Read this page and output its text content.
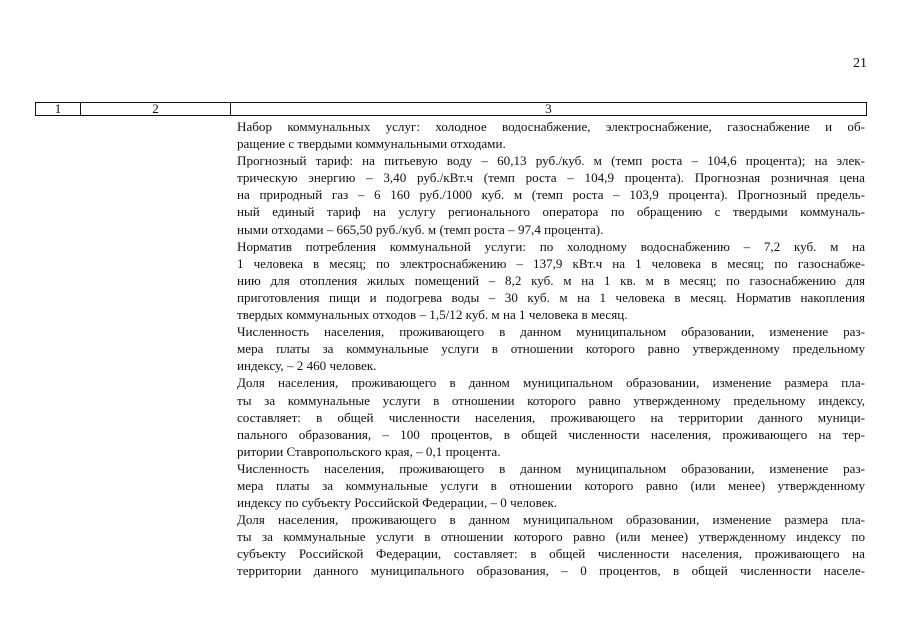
21
1	2	3

Набор коммунальных услуг: холодное водоснабжение, электроснабжение, газоснабжение и об-
ращение с твердыми коммунальными отходами.

Прогнозный тариф: на питьевую воду – 60,13 руб./куб. м (темп роста – 104,6 процента); на элек-
трическую энергию – 3,40 руб./кВт.ч (темп роста – 104,9 процента). Прогнозная розничная цена
на природный газ – 6 160 руб./1000 куб. м (темп роста – 103,9 процента). Прогнозный предель-
ный единый тариф на услугу регионального оператора по обращению с твердыми коммуналь-
ными отходами – 665,50 руб./куб. м (темп роста – 97,4 процента).

Норматив потребления коммунальной услуги: по холодному водоснабжению – 7,2 куб. м на
1 человека в месяц; по электроснабжению – 137,9 кВт.ч на 1 человека в месяц; по газоснабже-
нию для отопления жилых помещений – 8,2 куб. м на 1 кв. м в месяц; по газоснабжению для
приготовления пищи и подогрева воды – 30 куб. м на 1 человека в месяц. Норматив накопления
твердых коммунальных отходов – 1,5/12 куб. м на 1 человека в месяц.

Численность населения, проживающего в данном муниципальном образовании, изменение раз-
мера платы за коммунальные услуги в отношении которого равно утвержденному предельному
индексу, – 2 460 человек.

Доля населения, проживающего в данном муниципальном образовании, изменение размера пла-
ты за коммунальные услуги в отношении которого равно утвержденному предельному индексу,
составляет: в общей численности населения, проживающего на территории данного муници-
пального образования, – 100 процентов, в общей численности населения, проживающего на тер-
ритории Ставропольского края, – 0,1 процента.

Численность населения, проживающего в данном муниципальном образовании, изменение раз-
мера платы за коммунальные услуги в отношении которого равно (или менее) утвержденному
индексу по субъекту Российской Федерации, – 0 человек.

Доля населения, проживающего в данном муниципальном образовании, изменение размера пла-
ты за коммунальные услуги в отношении которого равно (или менее) утвержденному индексу по
субъекту Российской Федерации, составляет: в общей численности населения, проживающего на
территории данного муниципального образования, – 0 процентов, в общей численности населе-
